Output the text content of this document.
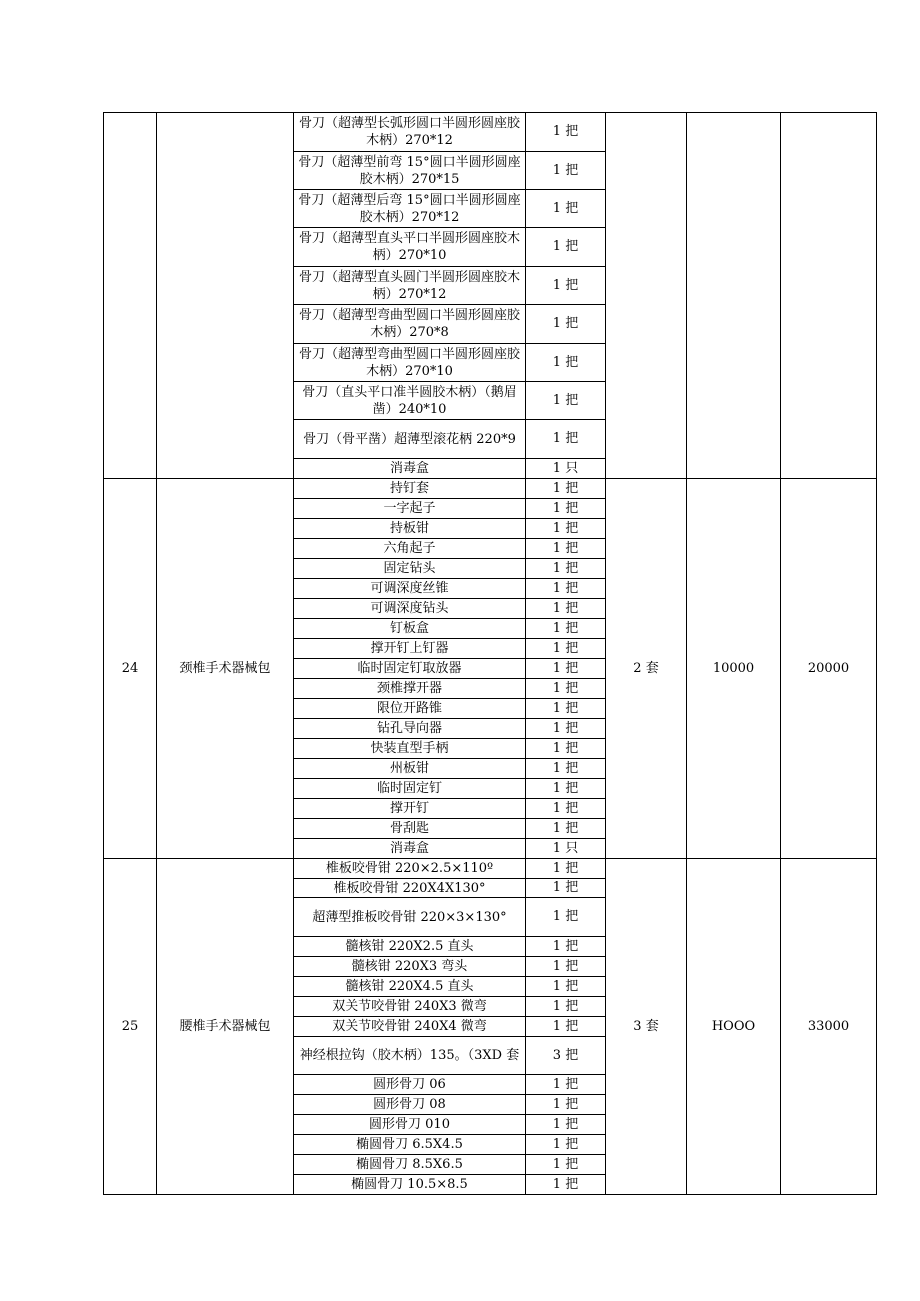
		骨刀（超薄型长弧形圆口半圆形圆座胶木柄）270*12	1 把			
		骨刀（超薄型前弯 15°圆口半圆形圆座胶木柄）270*15	1 把			
		骨刀（超薄型后弯 15°圆口半圆形圆座胶木柄）270*12	1 把			
		骨刀（超薄型直头平口半圆形圆座胶木柄）270*10	1 把			
		骨刀（超薄型直头圆门半圆形圆座胶木柄）270*12	1 把			
		骨刀（超薄型弯曲型圆口半圆形圆座胶木柄）270*8	1 把			
		骨刀（超薄型弯曲型圆口半圆形圆座胶木柄）270*10	1 把			
		骨刀（直头平口准半圆胶木柄）（鹅眉凿）240*10	1 把			
		骨刀（骨平凿）超薄型滚花柄 220*9	1 把			
		消毒盒	1 只			
24	颈椎手术器械包	持钉套	1 把	2 套	10000	20000
		一字起子	1 把			
		持板钳	1 把			
		六角起子	1 把			
		固定钻头	1 把			
		可调深度丝锥	1 把			
		可调深度钻头	1 把			
		钉板盒	1 把			
		撑开钉上钉器	1 把			
		临时固定钉取放器	1 把			
		颈椎撑开器	1 把			
		限位开路锥	1 把			
		钻孔导向器	1 把			
		快装直型手柄	1 把			
		州板钳	1 把			
		临时固定钉	1 把			
		撑开钉	1 把			
		骨刮匙	1 把			
		消毒盒	1 只			
25	腰椎手术器械包	椎板咬骨钳 220×2.5×110º	1 把	3 套	HOOO	33000
		椎板咬骨钳 220X4X130°	1 把			
		超薄型推板咬骨钳 220×3×130°	1 把			
		髓核钳 220X2.5 直头	1 把			
		髓核钳 220X3 弯头	1 把			
		髓核钳 220X4.5 直头	1 把			
		双关节咬骨钳 240X3 微弯	1 把			
		双关节咬骨钳 240X4 微弯	1 把			
		神经根拉钩（胶木柄）135。（3XD 套	3 把			
		圆形骨刀 06	1 把			
		圆形骨刀 08	1 把			
		圆形骨刀 010	1 把			
		椭圆骨刀 6.5X4.5	1 把			
		椭圆骨刀 8.5X6.5	1 把			
		椭圆骨刀 10.5×8.5	1 把			
